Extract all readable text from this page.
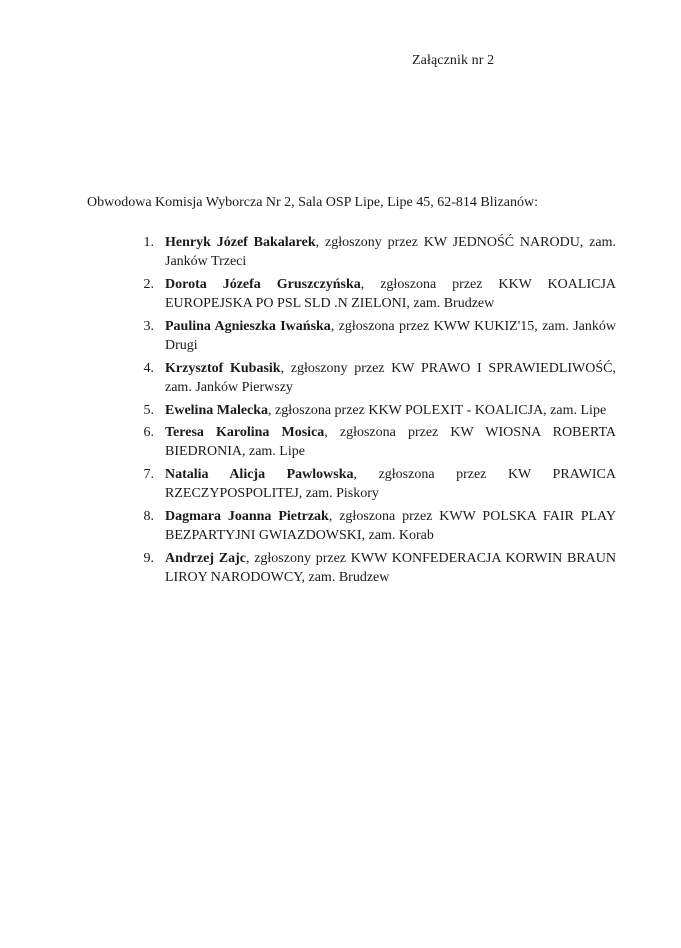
Załącznik nr 2
Obwodowa Komisja Wyborcza Nr 2, Sala OSP Lipe, Lipe 45, 62-814 Blizanów:
1. Henryk Józef Bakalarek, zgłoszony przez KW JEDNOŚĆ NARODU, zam. Janków Trzeci
2. Dorota Józefa Gruszczyńska, zgłoszona przez KKW KOALICJA EUROPEJSKA PO PSL SLD .N ZIELONI, zam. Brudzew
3. Paulina Agnieszka Iwańska, zgłoszona przez KWW KUKIZ'15, zam. Janków Drugi
4. Krzysztof Kubasik, zgłoszony przez KW PRAWO I SPRAWIEDLIWOŚĆ, zam. Janków Pierwszy
5. Ewelina Malecka, zgłoszona przez KKW POLEXIT - KOALICJA, zam. Lipe
6. Teresa Karolina Mosica, zgłoszona przez KW WIOSNA ROBERTA BIEDRONIA, zam. Lipe
7. Natalia Alicja Pawlowska, zgłoszona przez KW PRAWICA RZECZYPOSPOLITEJ, zam. Piskory
8. Dagmara Joanna Pietrzak, zgłoszona przez KWW POLSKA FAIR PLAY BEZPARTYJNI GWIAZDOWSKI, zam. Korab
9. Andrzej Zajc, zgłoszony przez KWW KONFEDERACJA KORWIN BRAUN LIROY NARODOWCY, zam. Brudzew
